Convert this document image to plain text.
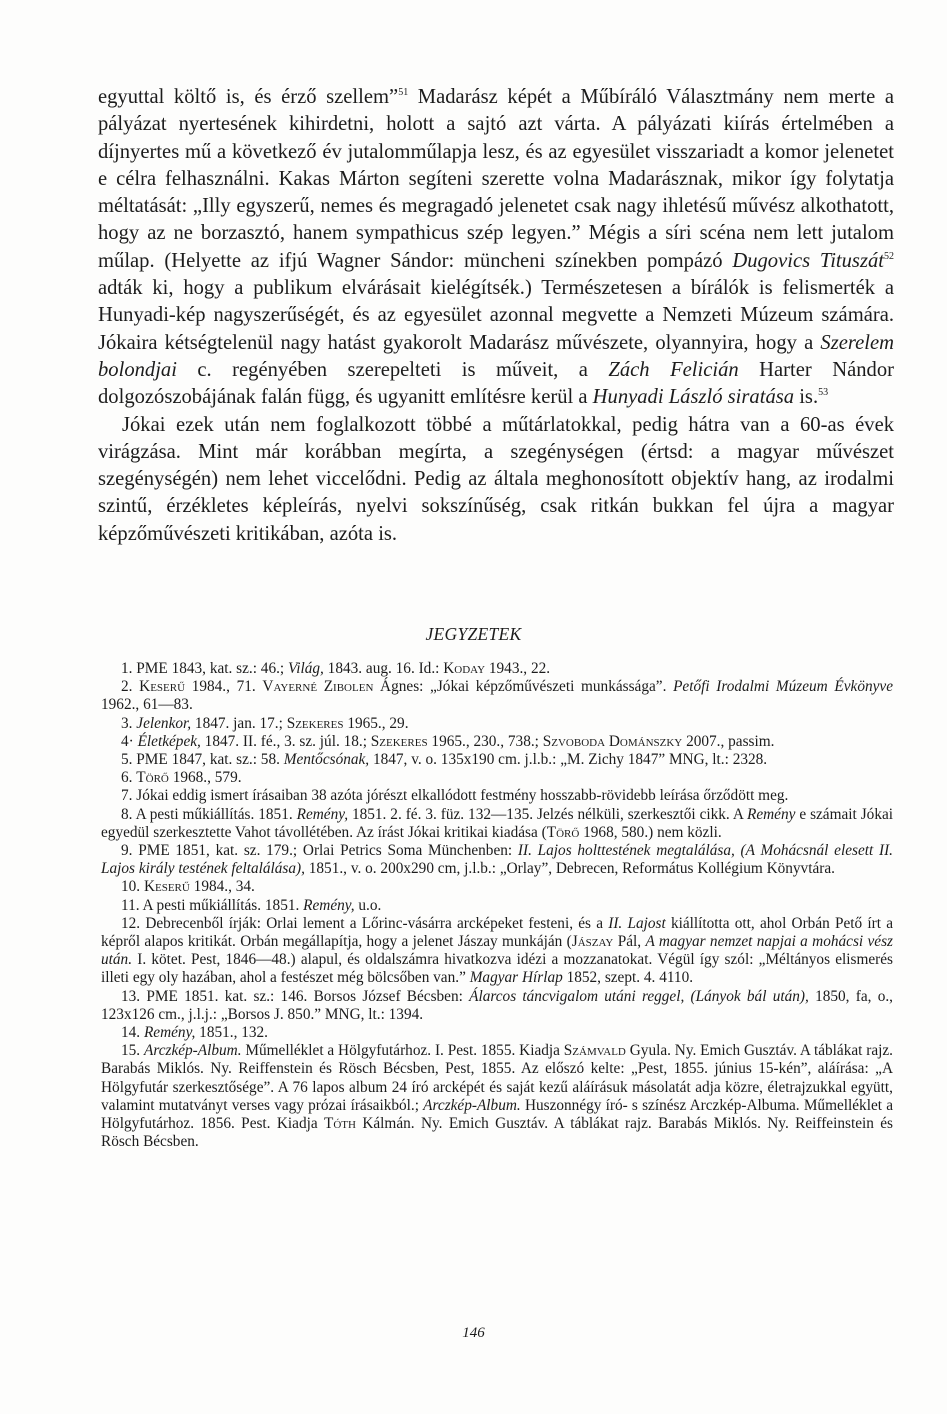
egyuttal költő is, és érző szellem”$^{51}$ Madarász képét a Műbíráló Választmány nem merte a pályázat nyertesének kihirdetni, holott a sajtó azt várta. A pályázati kiírás értelmében a díjnyertes mű a következő év jutalomműlapja lesz, és az egyesület visszariadt a komor jelenetet e célra felhasználni. Kakas Márton segíteni szerette volna Madarásznak, mikor így folytatja méltatását: „Illy egyszerű, nemes és megragadó jelenetet csak nagy ihletésű művész alkothatott, hogy az ne borzasztó, hanem sympathicus szép legyen.” Mégis a síri scéna nem lett jutalom műlap. (Helyette az ifjú Wagner Sándor: müncheni színekben pompázó Dugovics Tituszát$^{52}$ adták ki, hogy a publikum elvárásait kielégítsék.) Természetesen a bírálók is felismerték a Hunyadi-kép nagyszerűségét, és az egyesület azonnal megvette a Nemzeti Múzeum számára. Jókaira kétségtelenül nagy hatást gyakorolt Madarász művészete, olyannyira, hogy a Szerelem bolondjai c. regényében szerepelteti is műveit, a Zách Felicián Harter Nándor dolgozószobájának falán függ, és ugyanitt említésre kerül a Hunyadi László siratása is.$^{53}$

Jókai ezek után nem foglalkozott többé a műtárlatokkal, pedig hátra van a 60-as évek virágzása. Mint már korábban megírta, a szegénységen (értsd: a magyar művészet szegénységén) nem lehet viccelődni. Pedig az általa meghonosított objektív hang, az irodalmi szintű, érzékletes képleírás, nyelvi sokszínűség, csak ritkán bukkan fel újra a magyar képzőművészeti kritikában, azóta is.

JEGYZETEK

1. PME 1843, kat. sz.: 46.; Világ, 1843. aug. 16. Id.: Koday 1943., 22.

2. Keserű 1984., 71. Vayerné Zibolen Ágnes: „Jókai képzőművészeti munkássága”. Petőfi Irodalmi Múzeum Évkönyve 1962., 61—83.

3. Jelenkor, 1847. jan. 17.; Szekeres 1965., 29.

4· Életképek, 1847. II. fé., 3. sz. júl. 18.; Szekeres 1965., 230., 738.; Szvoboda Dománszky 2007., passim.

5. PME 1847, kat. sz.: 58. Mentőcsónak, 1847, v. o. 135x190 cm. j.l.b.: „M. Zichy 1847” MNG, lt.: 2328.

6. Törő 1968., 579.

7. Jókai eddig ismert írásaiban 38 azóta jórészt elkallódott festmény hosszabb-rövidebb leírása őrződött meg.

8. A pesti műkiállítás. 1851. Remény, 1851. 2. fé. 3. füz. 132—135. Jelzés nélküli, szerkesztői cikk. A Remény e számait Jókai egyedül szerkesztette Vahot távollétében. Az írást Jókai kritikai kiadása (Törő 1968, 580.) nem közli.

9. PME 1851, kat. sz. 179.; Orlai Petrics Soma Münchenben: II. Lajos holttestének megtalálása, (A Mohácsnál elesett II. Lajos király testének feltalálása), 1851., v. o. 200x290 cm, j.l.b.: „Orlay”, Debrecen, Református Kollégium Könyvtára.

10. Keserű 1984., 34.

11. A pesti műkiállítás. 1851. Remény, u.o.

12. Debrecenből írják: Orlai lement a Lőrinc-vásárra arcképeket festeni, és a II. Lajost kiállította ott, ahol Orbán Pető írt a képről alapos kritikát. Orbán megállapítja, hogy a jelenet Jászay munkáján (Jászay Pál, A magyar nemzet napjai a mohácsi vész után. I. kötet. Pest, 1846—48.) alapul, és oldalszámra hivatkozva idézi a mozzanatokat. Végül így szól: „Méltányos elismerés illeti egy oly hazában, ahol a festészet még bölcsőben van.” Magyar Hírlap 1852, szept. 4. 4110.

13. PME 1851. kat. sz.: 146. Borsos József Bécsben: Álarcos táncvigalom utáni reggel, (Lányok bál után), 1850, fa, o., 123x126 cm., j.l.j.: „Borsos J. 850.” MNG, lt.: 1394.

14. Remény, 1851., 132.

15. Arczkép-Album. Műmelléklet a Hölgyfutárhoz. I. Pest. 1855. Kiadja Számvald Gyula. Ny. Emich Gusztáv. A táblákat rajz. Barabás Miklós. Ny. Reiffenstein és Rösch Bécsben, Pest, 1855. Az előszó kelte: „Pest, 1855. június 15-kén”, aláírása: „A Hölgyfutár szerkesztősége”. A 76 lapos album 24 író arcképét és saját kezű aláírásuk másolatát adja közre, életrajzukkal együtt, valamint mutatványt verses vagy prózai írásaikból.; Arczkép-Album. Huszonnégy író- s színész Arczkép-Albuma. Műmelléklet a Hölgyfutárhoz. 1856. Pest. Kiadja Tóth Kálmán. Ny. Emich Gusztáv. A táblákat rajz. Barabás Miklós. Ny. Reiffeinstein és Rösch Bécsben.

146
